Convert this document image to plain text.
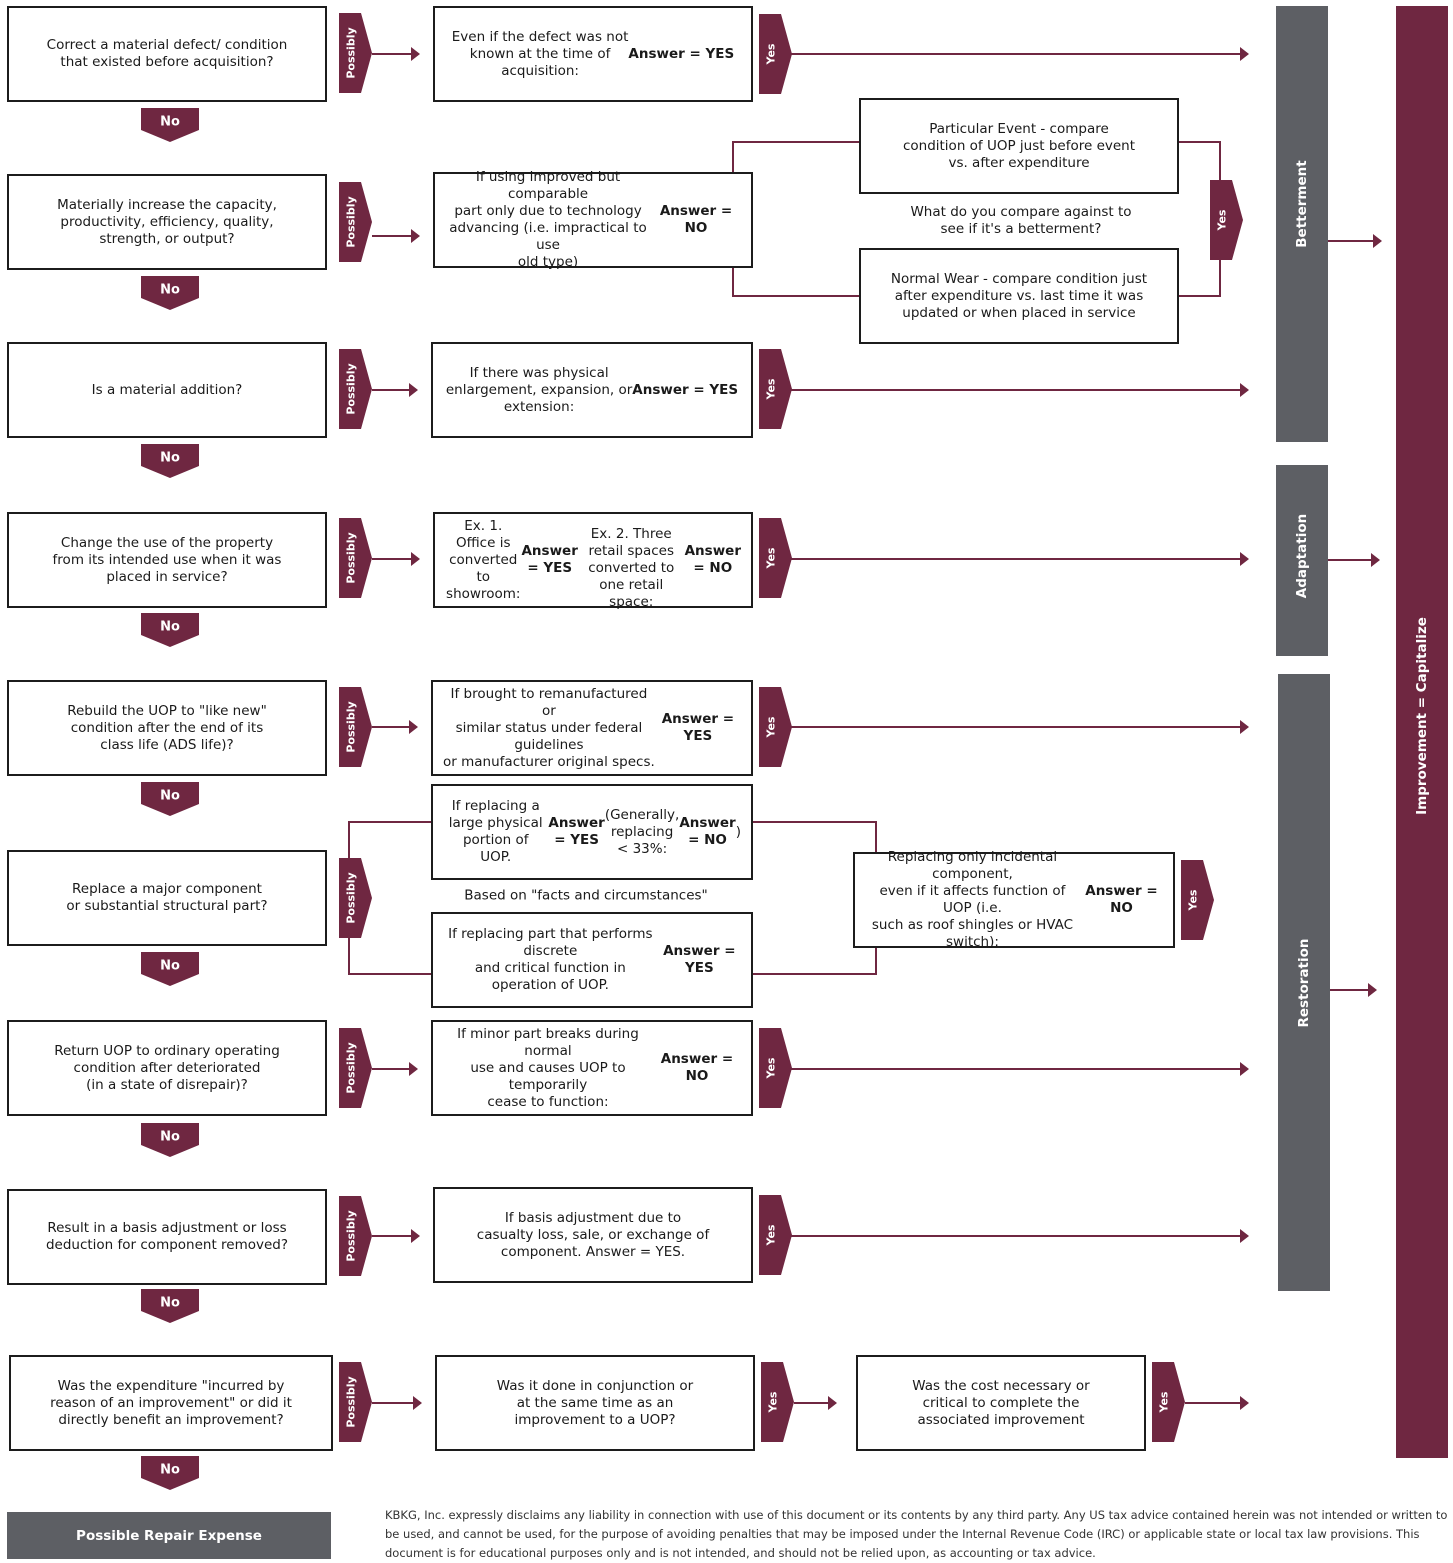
Betterment
Adaptation
Restoration
Improvement = Capitalize
Correct a material defect/ condition
that existed before acquisition?	Possibly	Even if the defect was not
known at the time of
acquisition:
Answer = YES	Yes
No
Materially increase the capacity,
productivity, efficiency, quality,
strength, or output?	Possibly
If using improved but comparable
part only due to technology
advancing (i.e. impractical to use
old type)
Answer = NO
No
Is a material addition?	Possibly	If there was physical
enlargement, expansion, or
extension:
Answer = YES Yes
No
Change the use of the property
from its intended use when it was
placed in service?	Possibly
Ex. 1. Office is converted to
showroom:
Answer = YES

Ex. 2. Three retail spaces converted to
one retail space:
Answer = NO	Yes
No
Rebuild the UOP to "like new"
condition after the end of its
class life (ADS life)?	Possibly
If brought to remanufactured or
similar status under federal guidelines
or manufacturer original specs.

Answer = YES	Yes
No
Replace a major component
or substantial structural part?	Possibly
No
Return UOP to ordinary operating
condition after deteriorated
(in a state of disrepair)?	Possibly
If minor part breaks during normal
use and causes UOP to temporarily
cease to function:
Answer = NO	Yes
No
Result in a basis adjustment or loss
deduction for component removed?	Possibly	If basis adjustment due to
casualty loss, sale, or exchange of
component. Answer = YES.
Yes
No
Was the expenditure "incurred by
reason of an improvement" or did it
directly benefit an improvement?	Possibly	Was it done in conjunction or
at the same time as an
improvement to a UOP?
Yes
No
Particular Event - compare
condition of UOP just before event
vs. after expenditure
Normal Wear - compare condition just
after expenditure vs. last time it was
updated or when placed in service
Yes
What do you compare against to
see if it's a betterment?
If replacing a large physical portion of
UOP.
Answer = YES
(Generally,
replacing < 33%:
Answer = NO
)
If replacing part that performs discrete
and critical function in operation of UOP.

Answer = YES
Based on "facts and circumstances"
Replacing only incidental component,
even if it affects function of UOP (i.e.
such as roof shingles or HVAC switch):

Answer = NO	Yes
Was the cost necessary or
critical to complete the
associated improvement
Yes
Possible Repair Expense
KBKG, Inc. expressly disclaims any liability in connection with use of this document or its contents by any third party. Any US tax advice contained herein was not intended or written to be used, and cannot be used, for the purpose of avoiding penalties that may be imposed under the Internal Revenue Code (IRC) or applicable state or local tax law provisions. This document is for educational purposes only and is not intended, and should not be relied upon, as accounting or tax advice.
